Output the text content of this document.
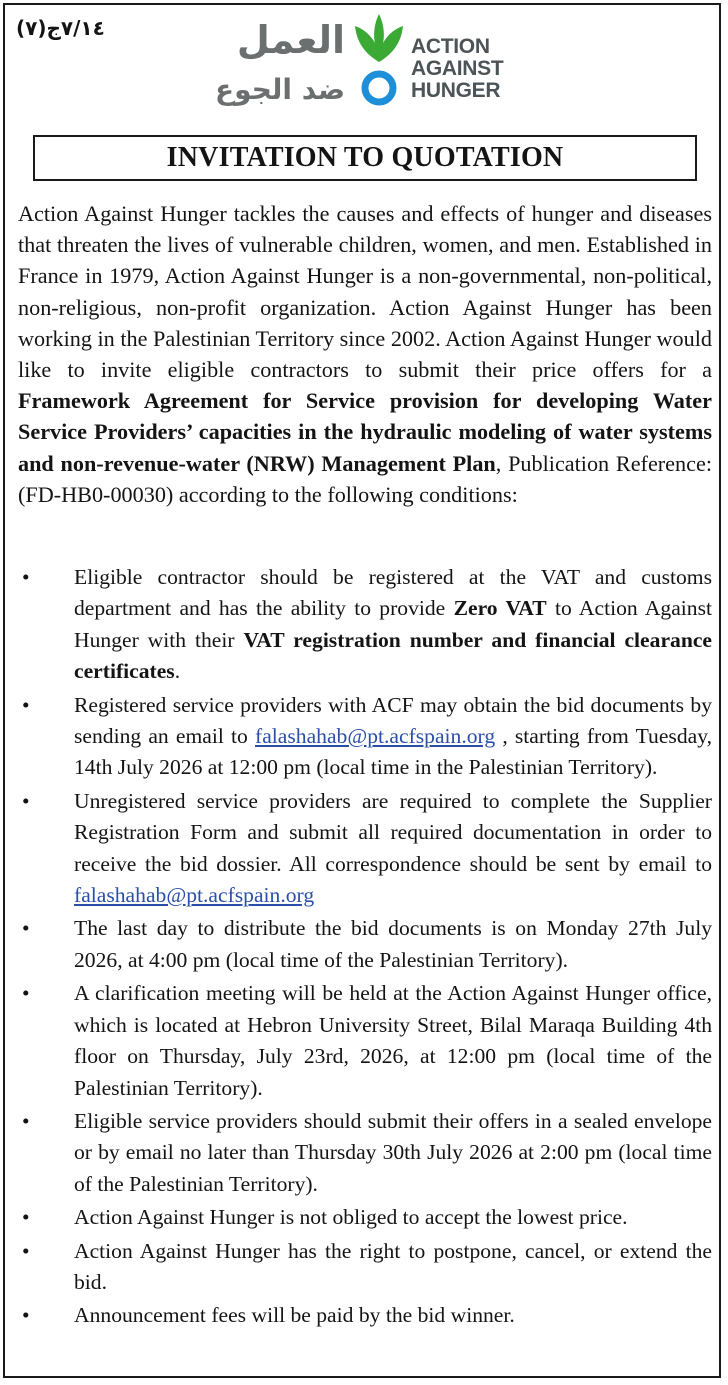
(٧)٧/١٤ج	العمل
ضد الجوع
ACTION
AGAINST
HUNGER
INVITATION TO QUOTATION

Action Against Hunger tackles the causes and effects of hunger and diseases that threaten the lives of vulnerable children, women, and men. Established in France in 1979, Action Against Hunger is a non-governmental, non-political, non-religious, non-profit organization. Action Against Hunger has been working in the Palestinian Territory since 2002. Action Against Hunger would like to invite eligible contractors to submit their price offers for a Framework Agreement for Service provision for developing Water Service Providers’ capacities in the hydraulic modeling of water systems and non-revenue-water (NRW) Management Plan, Publication Reference: (FD-HB0-00030) according to the following conditions:

• Eligible contractor should be registered at the VAT and customs department and has the ability to provide Zero VAT to Action Against Hunger with their VAT registration number and financial clearance certificates.
• Registered service providers with ACF may obtain the bid documents by sending an email to falashahab@pt.acfspain.org , starting from Tuesday, 14th July 2026 at 12:00 pm (local time in the Palestinian Territory).
• Unregistered service providers are required to complete the Supplier Registration Form and submit all required documentation in order to receive the bid dossier. All correspondence should be sent by email to falashahab@pt.acfspain.org
• The last day to distribute the bid documents is on Monday 27th July 2026, at 4:00 pm (local time of the Palestinian Territory).
• A clarification meeting will be held at the Action Against Hunger office, which is located at Hebron University Street, Bilal Maraqa Building 4th floor on Thursday, July 23rd, 2026, at 12:00 pm (local time of the Palestinian Territory).
• Eligible service providers should submit their offers in a sealed envelope or by email no later than Thursday 30th July 2026 at 2:00 pm (local time of the Palestinian Territory).
• Action Against Hunger is not obliged to accept the lowest price.
• Action Against Hunger has the right to postpone, cancel, or extend the bid.
• Announcement fees will be paid by the bid winner.
